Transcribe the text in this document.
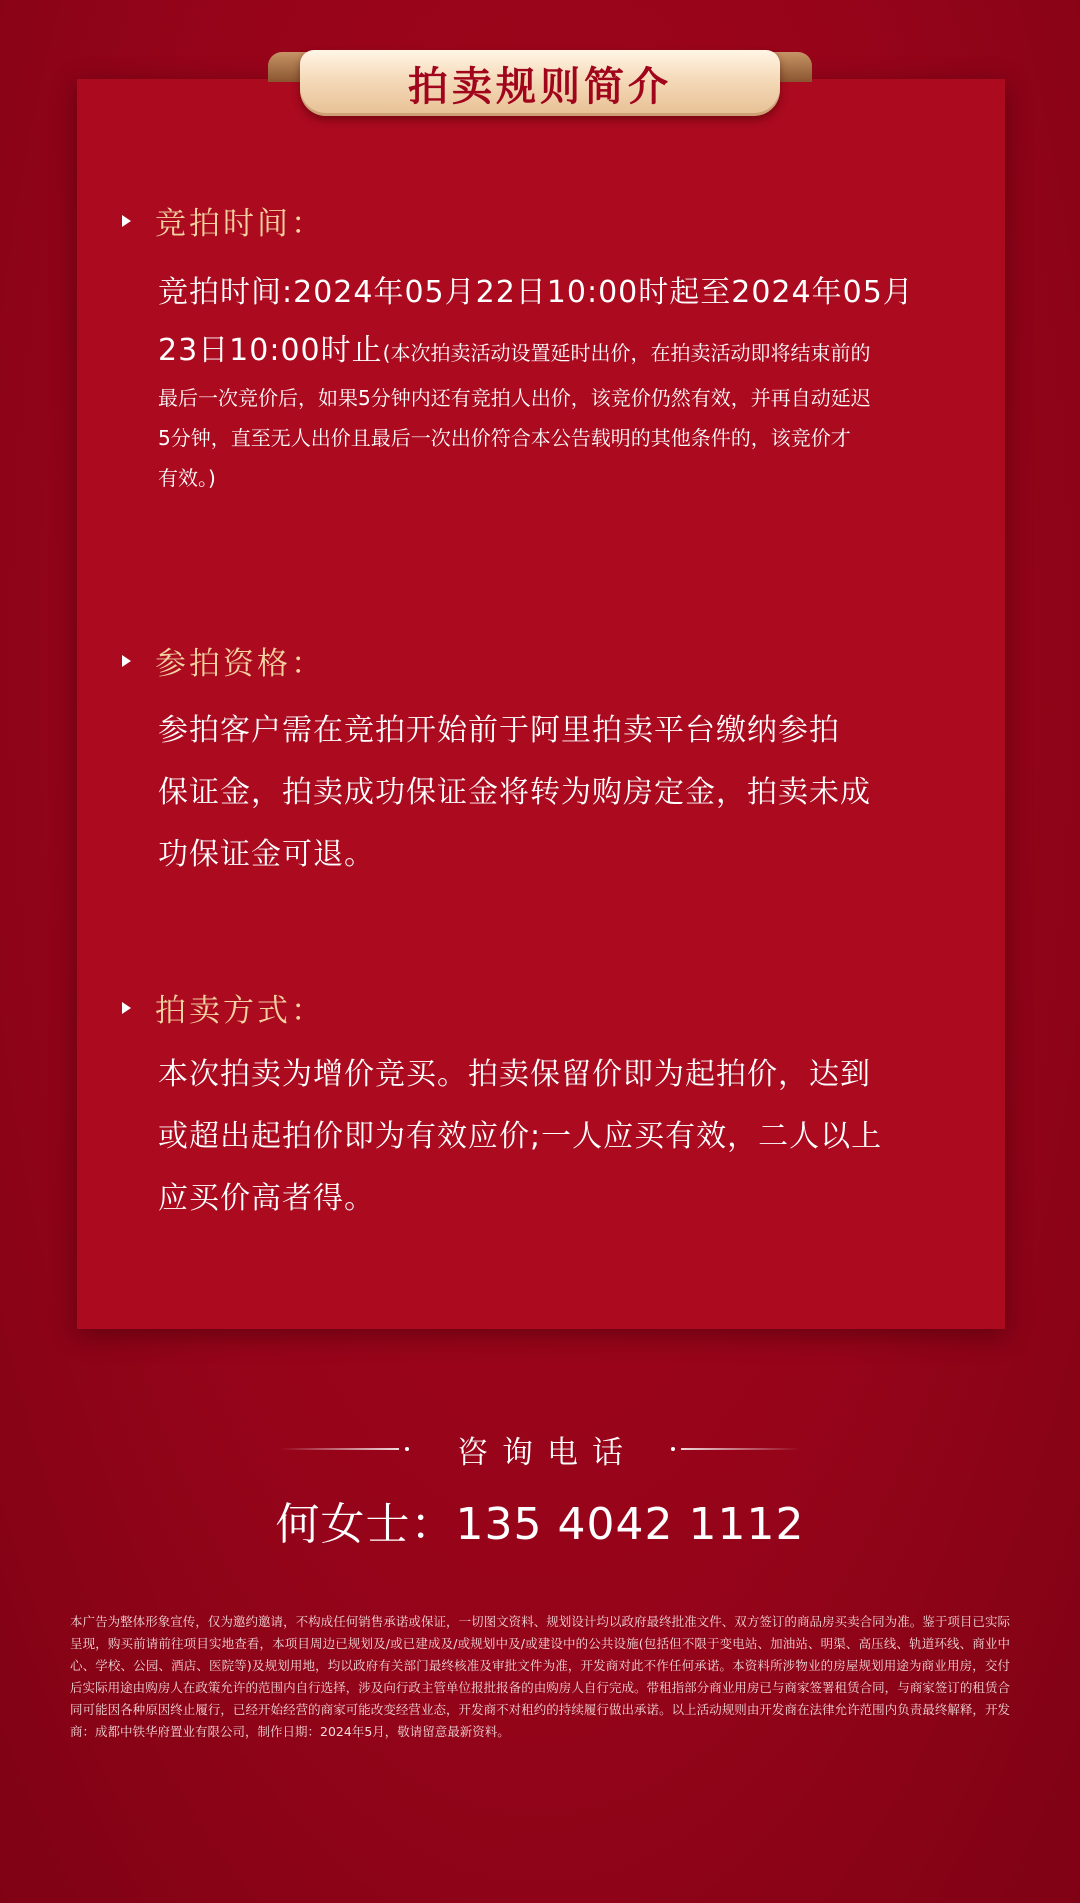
拍卖规则简介
竞拍时间：
竞拍时间:2024年05月22日10:00时起至2024年05月
23日10:00时止(本次拍卖活动设置延时出价，在拍卖活动即将结束前的
最后一次竞价后，如果5分钟内还有竞拍人出价，该竞价仍然有效，并再自动延迟
5分钟，直至无人出价且最后一次出价符合本公告载明的其他条件的，该竞价才
有效。)
参拍资格：
参拍客户需在竞拍开始前于阿里拍卖平台缴纳参拍
保证金，拍卖成功保证金将转为购房定金，拍卖未成
功保证金可退。
拍卖方式：
本次拍卖为增价竞买。拍卖保留价即为起拍价，达到
或超出起拍价即为有效应价;一人应买有效，二人以上
应买价高者得。
咨询电话
何女士：135 4042 1112
本广告为整体形象宣传，仅为邀约邀请，不构成任何销售承诺或保证，一切图文资料、规划设计均以政府最终批准文件、双方签订的商品房买卖合同为准。鉴于项目已实际呈现，购买前请前往项目实地查看，本项目周边已规划及/或已建成及/或规划中及/或建设中的公共设施(包括但不限于变电站、加油站、明渠、高压线、轨道环线、商业中心、学校、公园、酒店、医院等)及规划用地，均以政府有关部门最终核准及审批文件为准，开发商对此不作任何承诺。本资料所涉物业的房屋规划用途为商业用房，交付后实际用途由购房人在政策允许的范围内自行选择，涉及向行政主管单位报批报备的由购房人自行完成。带租指部分商业用房已与商家签署租赁合同，与商家签订的租赁合同可能因各种原因终止履行，已经开始经营的商家可能改变经营业态，开发商不对租约的持续履行做出承诺。以上活动规则由开发商在法律允许范围内负责最终解释，开发商：成都中铁华府置业有限公司，制作日期：2024年5月，敬请留意最新资料。
